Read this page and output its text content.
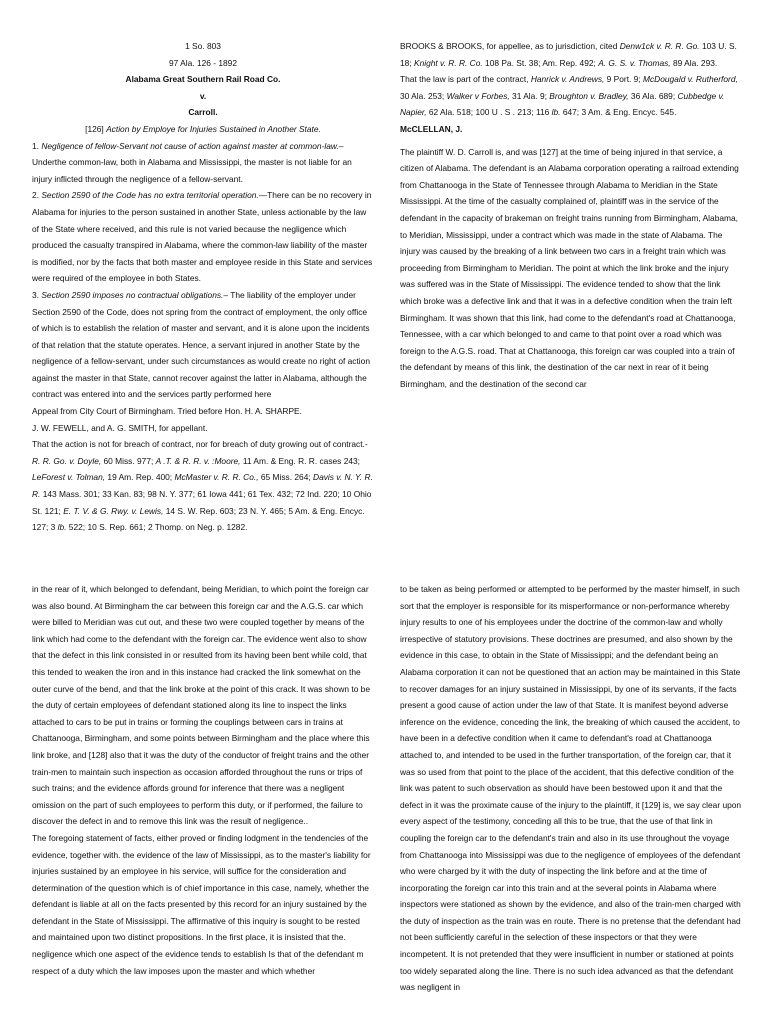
1 So. 803

97 Ala. 126 - 1892

Alabama Great Southern Rail Road Co.

v.

Carroll.

[126] Action by Employe for Injuries Sustained in Another State.

1. Negligence of fellow-Servant not cause of action against master at common-law.–Underthe common-law, both in Alabama and Mississippi, the master is not liable for an injury inflicted through the negligence of a fellow-servant.

2. Section 2590 of the Code has no extra territorial operation.—There can be no recovery in Alabama for injuries to the person sustained in another State, unless actionable by the law of the State where received, and this rule is not varied because the negligence which produced the casualty transpired in Alabama, where the common-law liability of the master is modified, nor by the facts that both master and employee reside in this State and services were required of the employee in both States.

3. Section 2590 imposes no contractual obligations.– The liability of the employer under Section 2590 of the Code, does not spring from the contract of employment, the only office of which is to establish the relation of master and servant, and it is alone upon the incidents of that relation that the statute operates. Hence, a servant injured in another State by the negligence of a fellow-servant, under such circumstances as would create no right of action against the master in that State, cannot recover against the latter in Alabama, although the contract was entered into and the services partly performed here

Appeal from City Court of Birmingham. Tried before Hon. H. A. SHARPE.

J. W. FEWELL, and A. G. SMITH, for appellant.

That the action is not for breach of contract, nor for breach of duty growing out of contract.-R. R. Go. v. Doyle, 60 Miss. 977; A .T. & R. R. v. :Moore, 11 Am. & Eng. R. R. cases 243; LeForest v. Tolman, 19 Am. Rep. 400; McMaster v. R. R. Co., 65 Miss. 264; Davis v. N. Y. R. R. 143 Mass. 301; 33 Kan. 83; 98 N. Y. 377; 61 Iowa 441; 61 Tex. 432; 72 Ind. 220; 10 Ohio St. 121; E. T. V. & G. Rwy. v. Lewis, 14 S. W. Rep. 603; 23 N. Y. 465; 5 Am. & Eng. Encyc. 127; 3 lb. 522; 10 S. Rep. 661; 2 Thomp. on Neg. p. 1282.

BROOKS & BROOKS, for appellee, as to jurisdiction, cited Denw1ck v. R. R. Go. 103 U. S. 18; Knight v. R. R. Co. 108 Pa. St. 38; Am. Rep. 492; A. G. S. v. Thomas, 89 Ala. 293.

That the law is part of the contract, Hanrick v. Andrews, 9 Port. 9; McDougald v. Rutherford, 30 Ala. 253; Walker v Forbes, 31 Ala. 9; Broughton v. Bradley, 36 Ala. 689; Cubbedge v. Napier, 62 Ala. 518; 100 U . S . 213; 116 lb. 647; 3 Am. & Eng. Encyc. 545.

McCLELLAN, J.

The plaintiff W. D. Carroll is, and was [127] at the time of being injured in that service, a citizen of Alabama. The defendant is an Alabama corporation operating a railroad extending from Chattanooga in the State of Tennessee through Alabama to Meridian in the State Mississippi. At the time of the casualty complained of, plaintiff was in the service of the defendant in the capacity of brakeman on freight trains running from Birmingham, Alabama, to Meridian, Mississippi, under a contract which was made in the state of Alabama. The injury was caused by the breaking of a link between two cars in a freight train which was proceeding from Birmingham to Meridian. The point at which the link broke and the injury was suffered was in the State of Mississippi. The evidence tended to show that the link which broke was a defective link and that it was in a defective condition when the train left Birmingham. It was shown that this link, had come to the defendant's road at Chattanooga, Tennessee, with a car which belonged to and came to that point over a road which was foreign to the A.G.S. road. That at Chattanooga, this foreign car was coupled into a train of the defendant by means of this link, the destination of the car next in rear of it being Birmingham, and the destination of the second car

in the rear of it, which belonged to defendant, being Meridian, to which point the foreign car was also bound. At Birmingham the car between this foreign car and the A.G.S. car which were billed to Meridian was cut out, and these two were coupled together by means of the link which had come to the defendant with the foreign car. The evidence went also to show that the defect in this link consisted in or resulted from its having been bent while cold, that this tended to weaken the iron and in this instance had cracked the link somewhat on the outer curve of the bend, and that the link broke at the point of this crack. It was shown to be the duty of certain employees of defendant stationed along its line to inspect the links attached to cars to be put in trains or forming the couplings between cars in trains at Chattanooga, Birmingham, and some points between Birmingham and the place where this link broke, and [128] also that it was the duty of the conductor of freight trains and the other train-men to maintain such inspection as occasion afforded throughout the runs or trips of such trains; and the evidence affords ground for inference that there was a negligent omission on the part of such employees to perform this duty, or if performed, the failure to discover the defect in and to remove this link was the result of negligence..

The foregoing statement of facts, either proved or finding lodgment in the tendencies of the evidence, together with. the evidence of the law of Mississippi, as to the master's liability for injuries sustained by an employee in his service, will suffice for the consideration and determination of the question which is of chief importance in this case, namely, whether the defendant is liable at all on the facts presented by this record for an injury sustained by the defendant in the State of Mississippi. The affirmative of this inquiry is sought to be rested and maintained upon two distinct propositions. In the first place, it is insisted that the. negligence which one aspect of the evidence tends to establish Is that of the defendant m respect of a duty which the law imposes upon the master and which whether

to be taken as being performed or attempted to be performed by the master himself, in such sort that the employer is responsible for its misperformance or non-performance whereby injury results to one of his employees under the doctrine of the common-law and wholly irrespective of statutory provisions. These doctrines are presumed, and also shown by the evidence in this case, to obtain in the State of Mississippi; and the defendant being an Alabama corporation it can not be questioned that an action may be maintained in this State to recover damages for an injury sustained in Mississippi, by one of its servants, if the facts present a good cause of action under the law of that State. It is manifest beyond adverse inference on the evidence, conceding the link, the breaking of which caused the accident, to have been in a defective condition when it came to defendant's road at Chattanooga attached to, and intended to be used in the further transportation, of the foreign car, that it was so used from that point to the place of the accident, that this defective condition of the link was patent to such observation as should have been bestowed upon it and that the defect in it was the proximate cause of the injury to the plaintiff, it [129] is, we say clear upon every aspect of the testimony, conceding all this to be true, that the use of that link in coupling the foreign car to the defendant's train and also in its use throughout the voyage from Chattanooga into Mississippi was due to the negligence of employees of the defendant who were charged by it with the duty of inspecting the link before and at the time of incorporating the foreign car into this train and at the several points in Alabama where inspectors were stationed as shown by the evidence, and also of the train-men charged with the duty of inspection as the train was en route. There is no pretense that the defendant had not been sufficiently careful in the selection of these inspectors or that they were incompetent. It is not pretended that they were insufficient in number or stationed at points too widely separated along the line. There is no such idea advanced as that the defendant was negligent in
